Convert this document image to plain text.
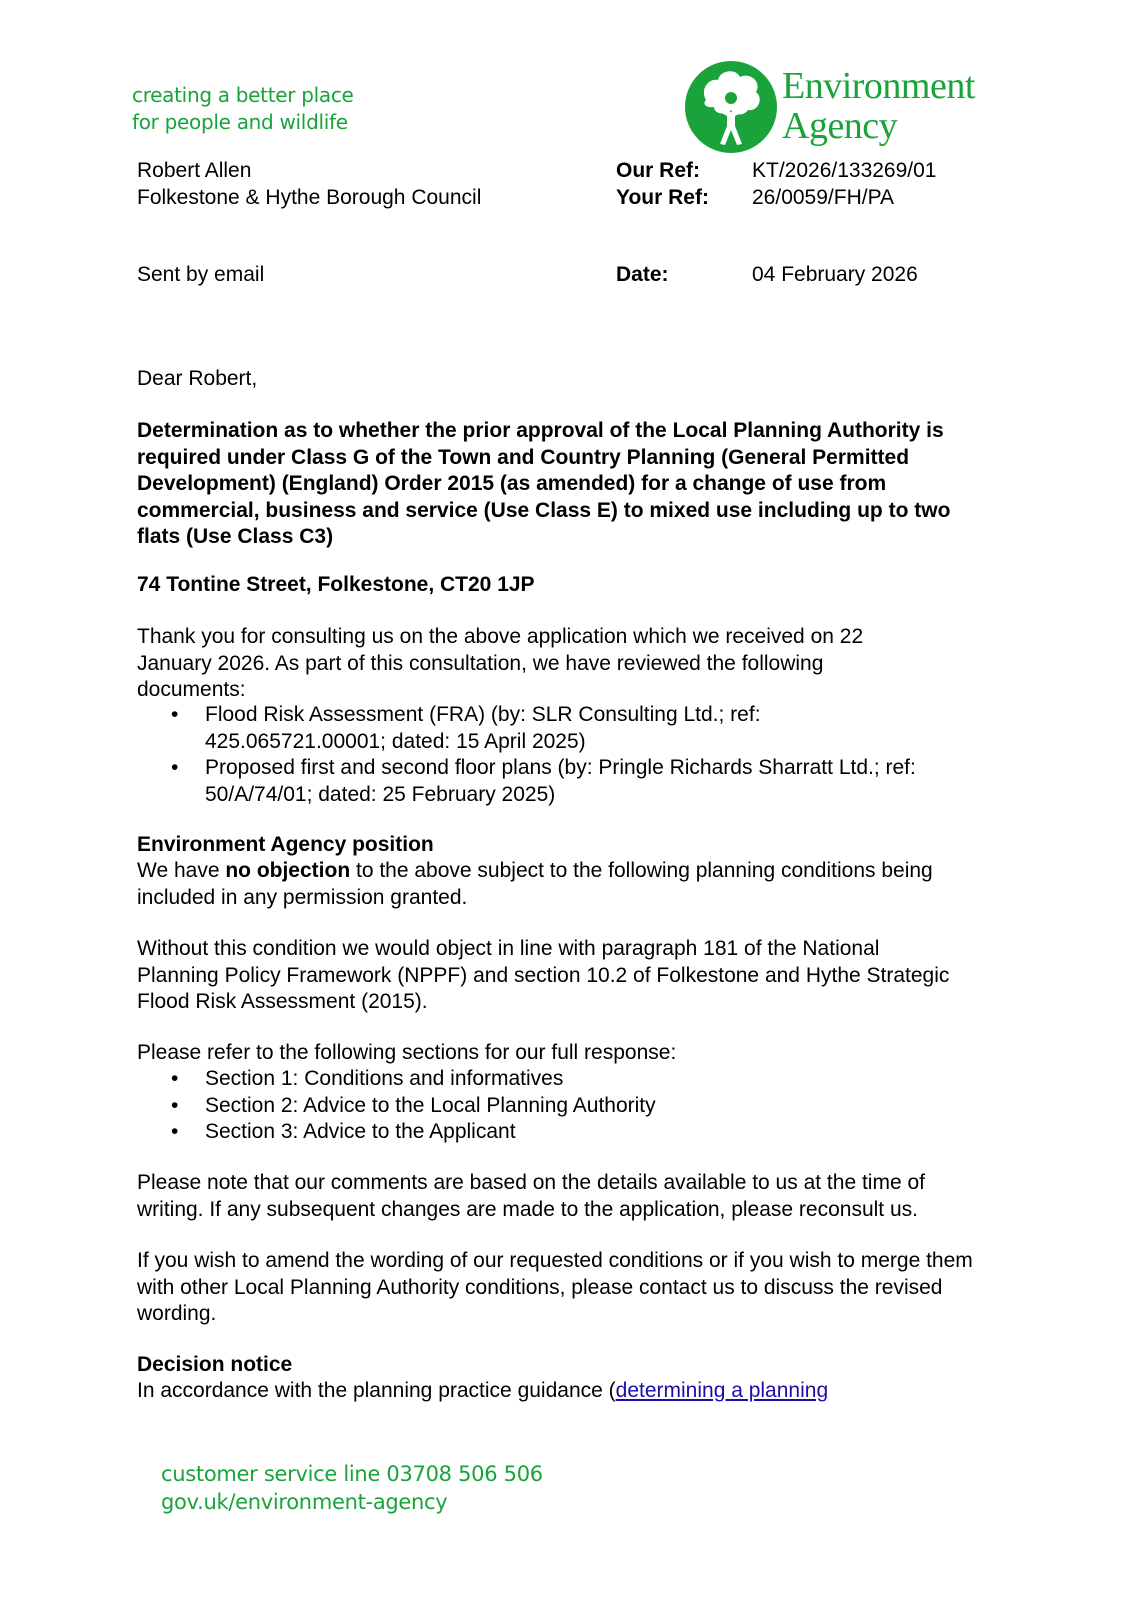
creating a better place
for people and wildlife
Environment
Agency
Robert Allen
Folkestone & Hythe Borough Council
Sent by email
Our Ref: KT/2026/133269/01
Your Ref: 26/0059/FH/PA
Date:	04 February 2026
Dear Robert,
Determination as to whether the prior approval of the Local Planning Authority is required under Class G of the Town and Country Planning (General Permitted Development) (England) Order 2015 (as amended) for a change of use from commercial, business and service (Use Class E) to mixed use including up to two flats (Use Class C3)
74 Tontine Street, Folkestone, CT20 1JP
Thank you for consulting us on the above application which we received on 22 January 2026. As part of this consultation, we have reviewed the following documents:
• Flood Risk Assessment (FRA) (by: SLR Consulting Ltd.; ref: 425.065721.00001; dated: 15 April 2025)
• Proposed first and second floor plans (by: Pringle Richards Sharratt Ltd.; ref: 50/A/74/01; dated: 25 February 2025)
Environment Agency position
We have no objection to the above subject to the following planning conditions being included in any permission granted.
Without this condition we would object in line with paragraph 181 of the National Planning Policy Framework (NPPF) and section 10.2 of Folkestone and Hythe Strategic Flood Risk Assessment (2015).
Please refer to the following sections for our full response:
• Section 1: Conditions and informatives
• Section 2: Advice to the Local Planning Authority
• Section 3: Advice to the Applicant
Please note that our comments are based on the details available to us at the time of writing. If any subsequent changes are made to the application, please reconsult us.
If you wish to amend the wording of our requested conditions or if you wish to merge them with other Local Planning Authority conditions, please contact us to discuss the revised wording.
Decision notice
In accordance with the planning practice guidance (determining a planning
customer service line 03708 506 506
gov.uk/environment-agency
